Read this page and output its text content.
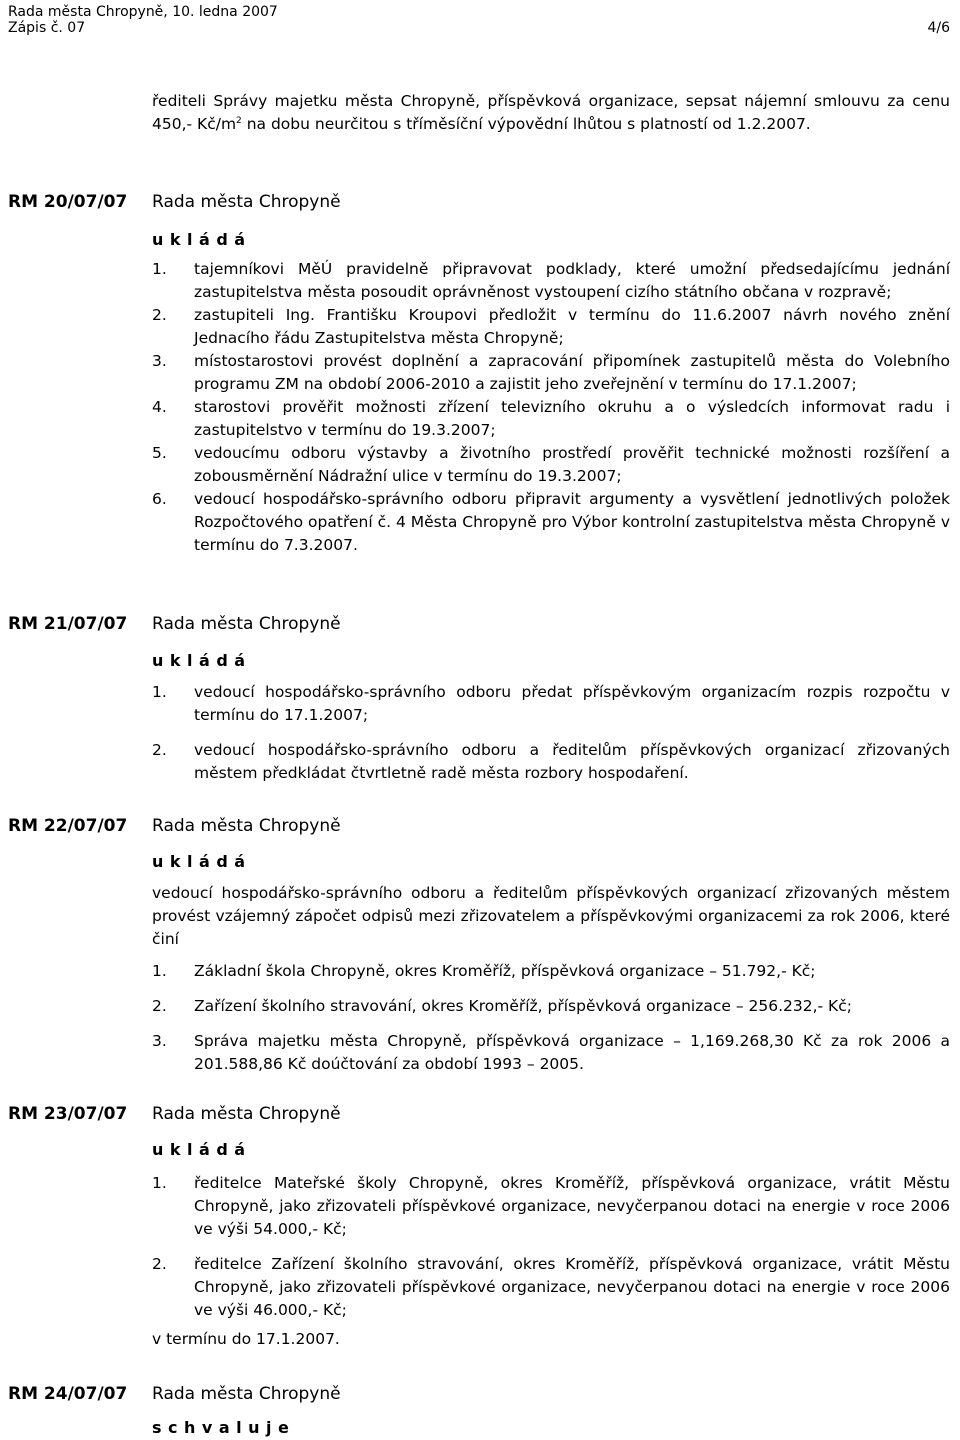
Rada města Chropyně, 10. ledna 2007
Zápis č. 07	4/6
řediteli Správy majetku města Chropyně, příspěvková organizace, sepsat nájemní smlouvu za cenu 450,- $Kč/m^2$ na dobu neurčitou s tříměsíční výpovědní lhůtou s platností od 1.2.2007.
RM 20/07/07 Rada města Chropyně
ukládá
1. tajemníkovi MěÚ pravidelně připravovat podklady, které umožní předsedajícímu jednání zastupitelstva města posoudit oprávněnost vystoupení cizího státního občana v rozpravě;
2. zastupiteli Ing. Františku Kroupovi předložit v termínu do 11.6.2007 návrh nového znění Jednacího řádu Zastupitelstva města Chropyně;
3. místostarostovi provést doplnění a zapracování připomínek zastupitelů města do Volebního programu ZM na období 2006-2010 a zajistit jeho zveřejnění v termínu do 17.1.2007;
4. starostovi prověřit možnosti zřízení televizního okruhu a o výsledcích informovat radu i zastupitelstvo v termínu do 19.3.2007;
5. vedoucímu odboru výstavby a životního prostředí prověřit technické možnosti rozšíření a zobousměrnění Nádražní ulice v termínu do 19.3.2007;
6. vedoucí hospodářsko-správního odboru připravit argumenty a vysvětlení jednotlivých položek Rozpočtového opatření č. 4 Města Chropyně pro Výbor kontrolní zastupitelstva města Chropyně v termínu do 7.3.2007.
RM 21/07/07 Rada města Chropyně
ukládá
1. vedoucí hospodářsko-správního odboru předat příspěvkovým organizacím rozpis rozpočtu v termínu do 17.1.2007;
2. vedoucí hospodářsko-správního odboru a ředitelům příspěvkových organizací zřizovaných městem předkládat čtvrtletně radě města rozbory hospodaření.
RM 22/07/07 Rada města Chropyně
ukládá
vedoucí hospodářsko-správního odboru a ředitelům příspěvkových organizací zřizovaných městem provést vzájemný zápočet odpisů mezi zřizovatelem a příspěvkovými organizacemi za rok 2006, které činí
1. Základní škola Chropyně, okres Kroměříž, příspěvková organizace – 51.792,- Kč;
2. Zařízení školního stravování, okres Kroměříž, příspěvková organizace – 256.232,- Kč;
3. Správa majetku města Chropyně, příspěvková organizace – 1,169.268,30 Kč za rok 2006 a 201.588,86 Kč doúčtování za období 1993 – 2005.
RM 23/07/07 Rada města Chropyně
ukládá
1. ředitelce Mateřské školy Chropyně, okres Kroměříž, příspěvková organizace, vrátit Městu Chropyně, jako zřizovateli příspěvkové organizace, nevyčerpanou dotaci na energie v roce 2006 ve výši 54.000,- Kč;
2. ředitelce Zařízení školního stravování, okres Kroměříž, příspěvková organizace, vrátit Městu Chropyně, jako zřizovateli příspěvkové organizace, nevyčerpanou dotaci na energie v roce 2006 ve výši 46.000,- Kč;
v termínu do 17.1.2007.
RM 24/07/07 Rada města Chropyně
schvaluje
